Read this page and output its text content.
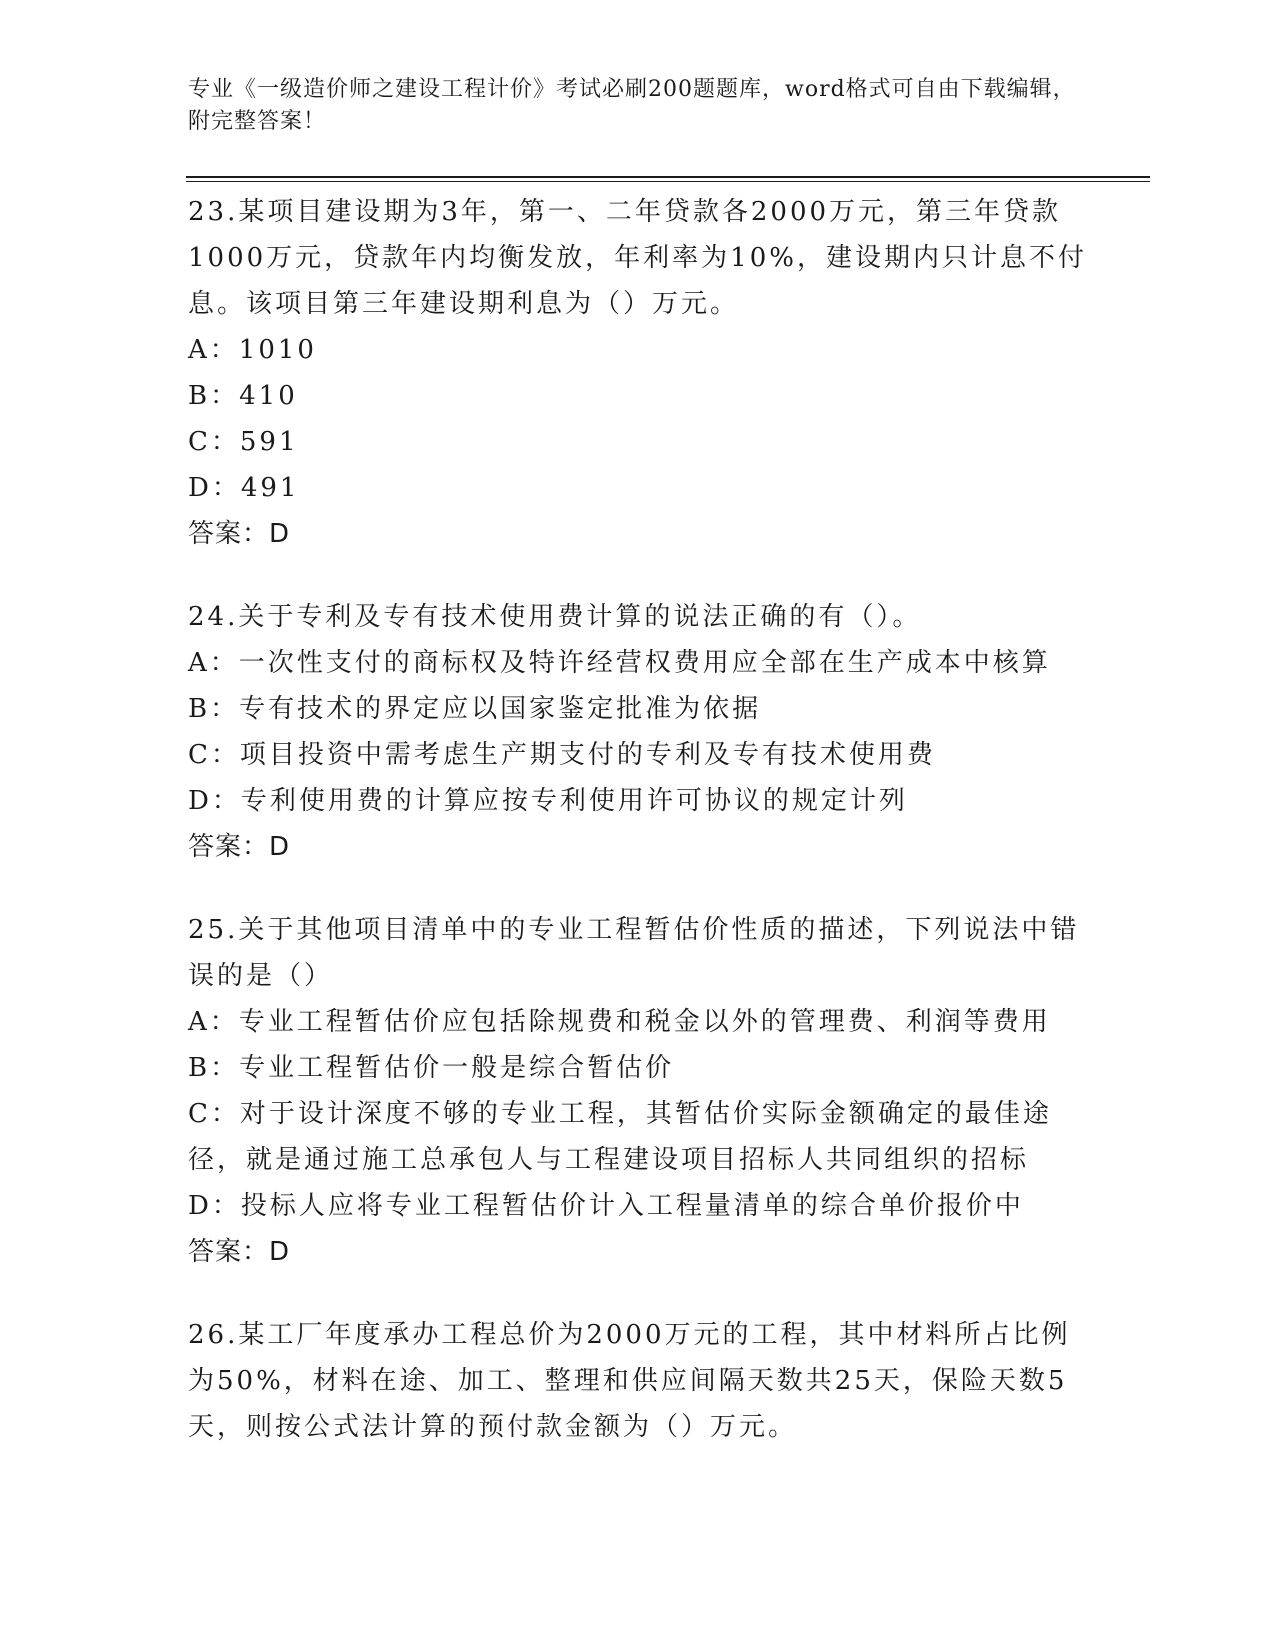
专业《一级造价师之建设工程计价》考试必刷200题题库，word格式可自由下载编辑，附完整答案！
23.某项目建设期为3年，第一、二年贷款各2000万元，第三年贷款1000万元，贷款年内均衡发放，年利率为10%，建设期内只计息不付息。该项目第三年建设期利息为（）万元。
A：1010
B：410
C：591
D：491
答案：D
24.关于专利及专有技术使用费计算的说法正确的有（）。
A：一次性支付的商标权及特许经营权费用应全部在生产成本中核算
B：专有技术的界定应以国家鉴定批准为依据
C：项目投资中需考虑生产期支付的专利及专有技术使用费
D：专利使用费的计算应按专利使用许可协议的规定计列
答案：D
25.关于其他项目清单中的专业工程暂估价性质的描述，下列说法中错误的是（）
A：专业工程暂估价应包括除规费和税金以外的管理费、利润等费用
B：专业工程暂估价一般是综合暂估价
C：对于设计深度不够的专业工程，其暂估价实际金额确定的最佳途径，就是通过施工总承包人与工程建设项目招标人共同组织的招标
D：投标人应将专业工程暂估价计入工程量清单的综合单价报价中
答案：D
26.某工厂年度承办工程总价为2000万元的工程，其中材料所占比例为50%，材料在途、加工、整理和供应间隔天数共25天，保险天数5天，则按公式法计算的预付款金额为（）万元。
